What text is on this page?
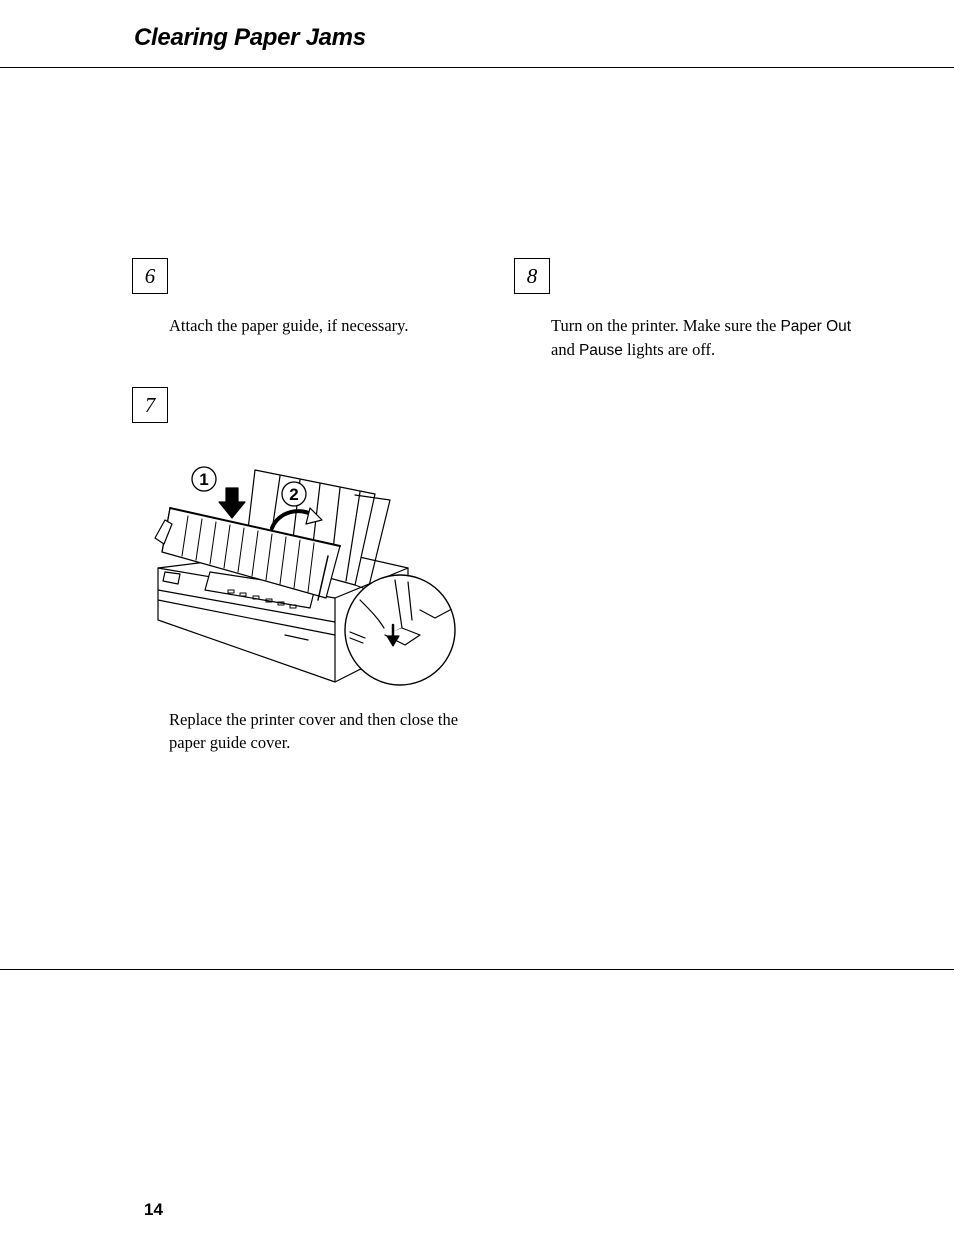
Clearing Paper Jams
6
Attach the paper guide, if necessary.
7
1
2
Replace the printer cover and then close the paper guide cover.
8
Turn on the printer. Make sure the Paper Out and Pause lights are off.
14
